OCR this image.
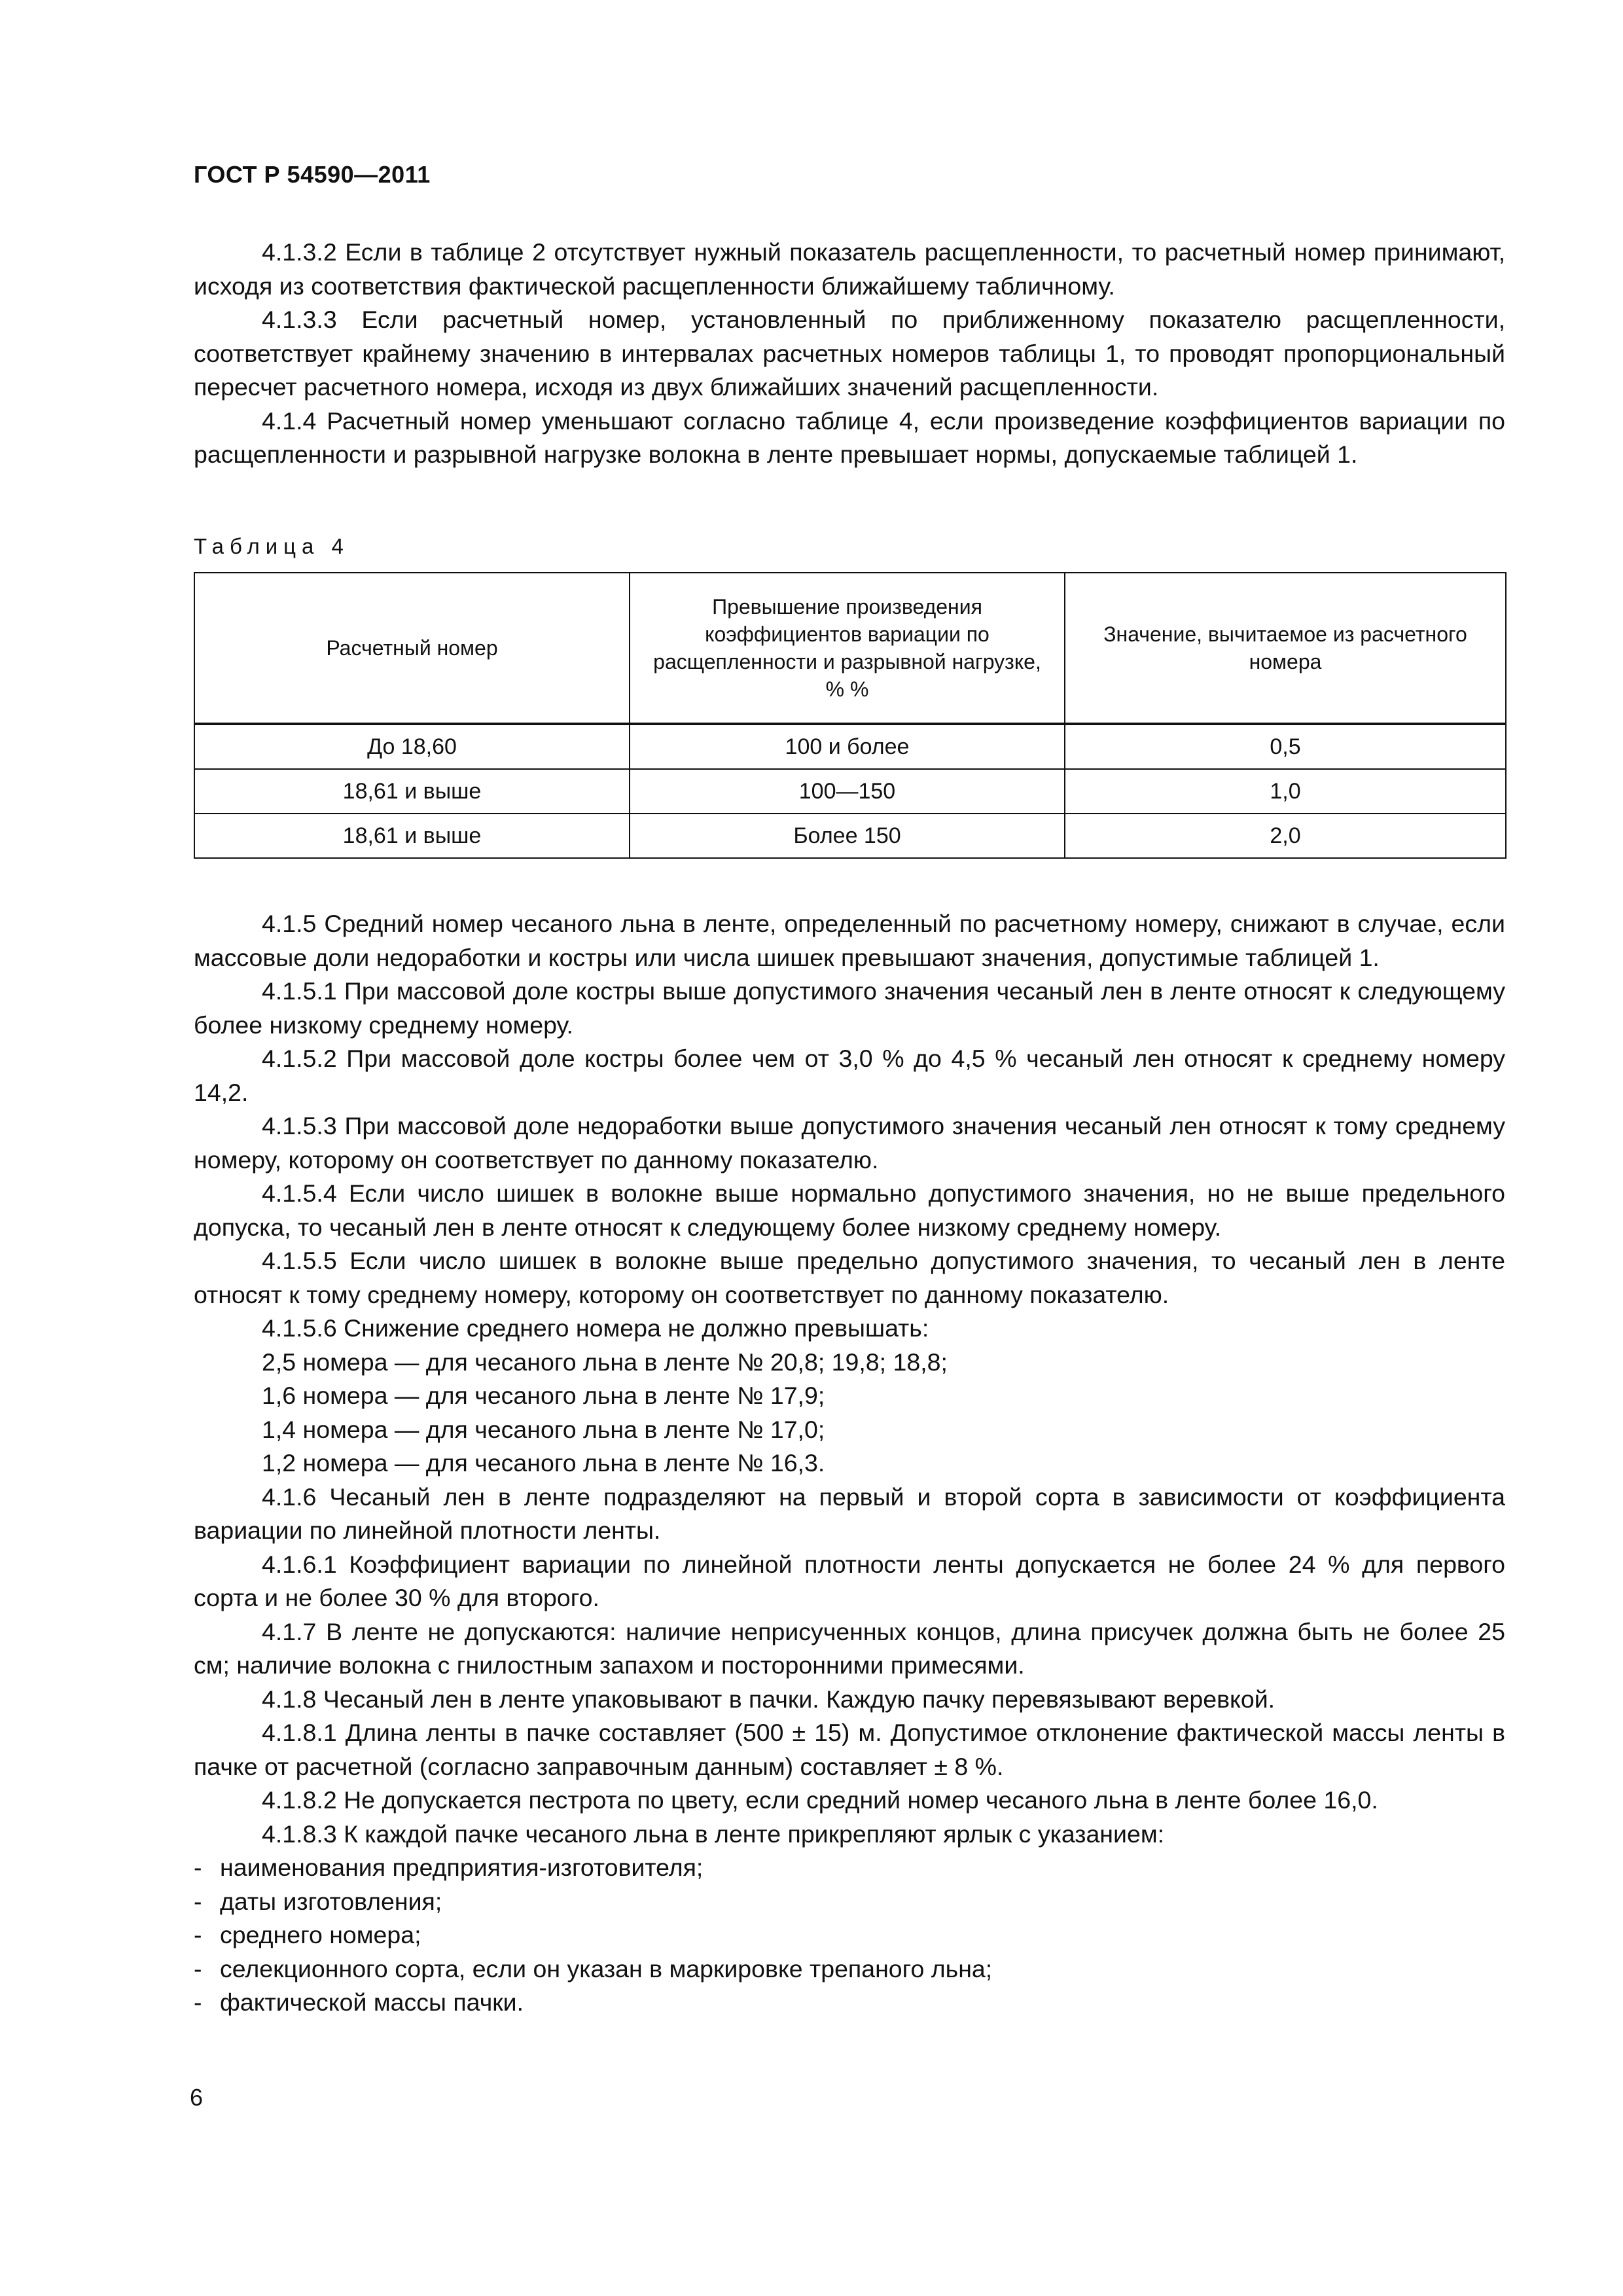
ГОСТ Р 54590—2011

4.1.3.2 Если в таблице 2 отсутствует нужный показатель расщепленности, то расчетный номер принимают, исходя из соответствия фактической расщепленности ближайшему табличному.

4.1.3.3 Если расчетный номер, установленный по приближенному показателю расщепленности, соответствует крайнему значению в интервалах расчетных номеров таблицы 1, то проводят пропорциональный пересчет расчетного номера, исходя из двух ближайших значений расщепленности.

4.1.4 Расчетный номер уменьшают согласно таблице 4, если произведение коэффициентов вариации по расщепленности и разрывной нагрузке волокна в ленте превышает нормы, допускаемые таблицей 1.

Таблица 4
Расчетный номер	Превышение произведения коэффициентов вариации по расщепленности и разрывной нагрузке, % %	Значение, вычитаемое из расчетного номера
До 18,60	100 и более	0,5
18,61 и выше	100—150	1,0
18,61 и выше	Более 150	2,0

4.1.5 Средний номер чесаного льна в ленте, определенный по расчетному номеру, снижают в случае, если массовые доли недоработки и костры или числа шишек превышают значения, допустимые таблицей 1.

4.1.5.1 При массовой доле костры выше допустимого значения чесаный лен в ленте относят к следующему более низкому среднему номеру.

4.1.5.2 При массовой доле костры более чем от 3,0 % до 4,5 % чесаный лен относят к среднему номеру 14,2.

4.1.5.3 При массовой доле недоработки выше допустимого значения чесаный лен относят к тому среднему номеру, которому он соответствует по данному показателю.

4.1.5.4 Если число шишек в волокне выше нормально допустимого значения, но не выше предельного допуска, то чесаный лен в ленте относят к следующему более низкому среднему номеру.

4.1.5.5 Если число шишек в волокне выше предельно допустимого значения, то чесаный лен в ленте относят к тому среднему номеру, которому он соответствует по данному показателю.

4.1.5.6 Снижение среднего номера не должно превышать:

2,5 номера — для чесаного льна в ленте № 20,8; 19,8; 18,8;

1,6 номера — для чесаного льна в ленте № 17,9;

1,4 номера — для чесаного льна в ленте № 17,0;

1,2 номера — для чесаного льна в ленте № 16,3.

4.1.6 Чесаный лен в ленте подразделяют на первый и второй сорта в зависимости от коэффициента вариации по линейной плотности ленты.

4.1.6.1 Коэффициент вариации по линейной плотности ленты допускается не более 24 % для первого сорта и не более 30 % для второго.

4.1.7 В ленте не допускаются: наличие неприсученных концов, длина присучек должна быть не более 25 см; наличие волокна с гнилостным запахом и посторонними примесями.

4.1.8 Чесаный лен в ленте упаковывают в пачки. Каждую пачку перевязывают веревкой.

4.1.8.1 Длина ленты в пачке составляет (500 ± 15) м. Допустимое отклонение фактической массы ленты в пачке от расчетной (согласно заправочным данным) составляет ± 8 %.

4.1.8.2 Не допускается пестрота по цвету, если средний номер чесаного льна в ленте более 16,0.

4.1.8.3 К каждой пачке чесаного льна в ленте прикрепляют ярлык с указанием:

- наименования предприятия-изготовителя;

- даты изготовления;

- среднего номера;

- селекционного сорта, если он указан в маркировке трепаного льна;

- фактической массы пачки.

6
